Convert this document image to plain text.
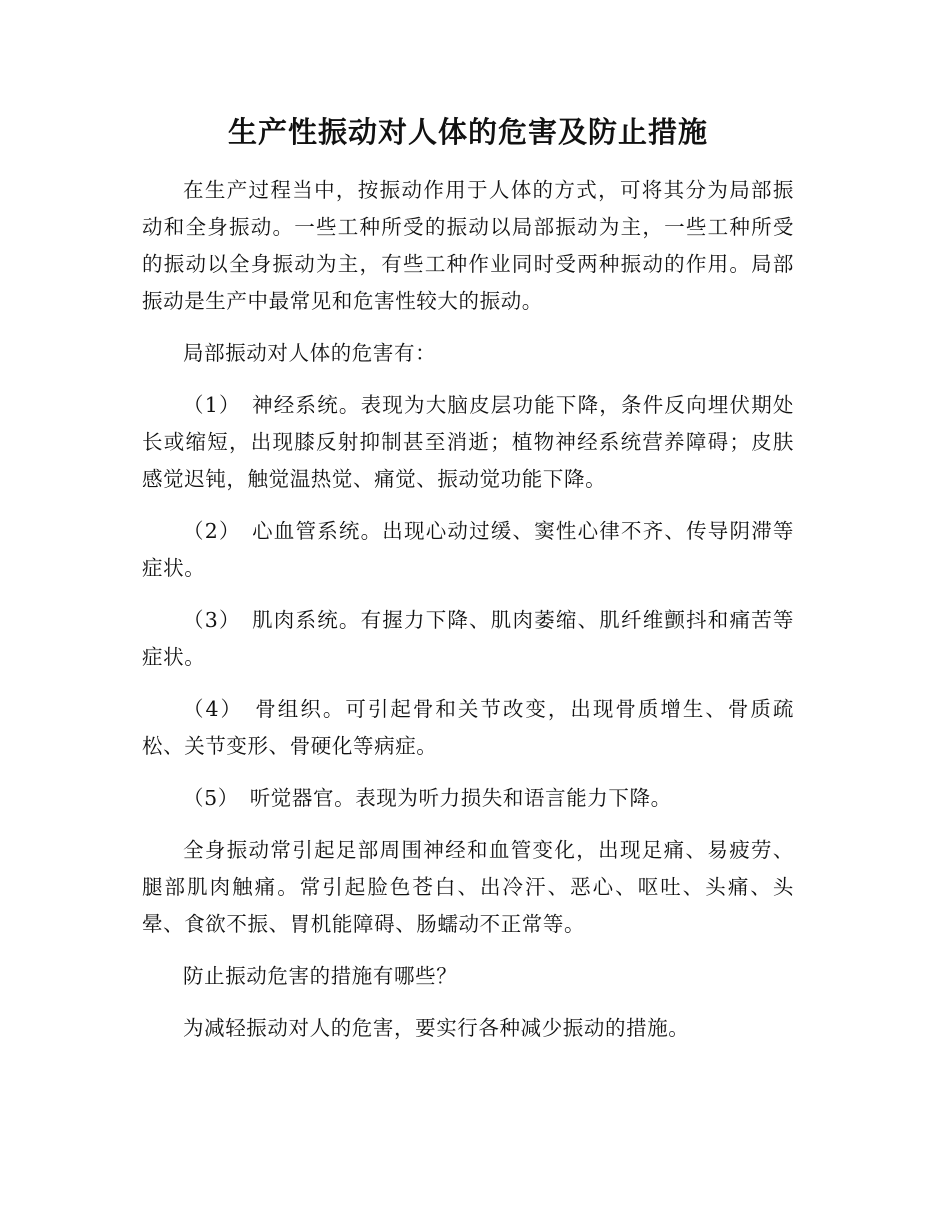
生产性振动对人体的危害及防止措施

在生产过程当中，按振动作用于人体的方式，可将其分为局部振动和全身振动。一些工种所受的振动以局部振动为主，一些工种所受的振动以全身振动为主，有些工种作业同时受两种振动的作用。局部振动是生产中最常见和危害性较大的振动。

局部振动对人体的危害有：

（1）　神经系统。表现为大脑皮层功能下降，条件反向埋伏期处长或缩短，出现膝反射抑制甚至消逝；植物神经系统营养障碍；皮肤感觉迟钝，触觉温热觉、痛觉、振动觉功能下降。

（2）　心血管系统。出现心动过缓、窦性心律不齐、传导阴滞等症状。

（3）　肌肉系统。有握力下降、肌肉萎缩、肌纤维颤抖和痛苦等症状。

（4）　骨组织。可引起骨和关节改变，出现骨质增生、骨质疏松、关节变形、骨硬化等病症。

（5）　听觉器官。表现为听力损失和语言能力下降。

全身振动常引起足部周围神经和血管变化，出现足痛、易疲劳、腿部肌肉触痛。常引起脸色苍白、出冷汗、恶心、呕吐、头痛、头晕、食欲不振、胃机能障碍、肠蠕动不正常等。

防止振动危害的措施有哪些？

为减轻振动对人的危害，要实行各种减少振动的措施。
